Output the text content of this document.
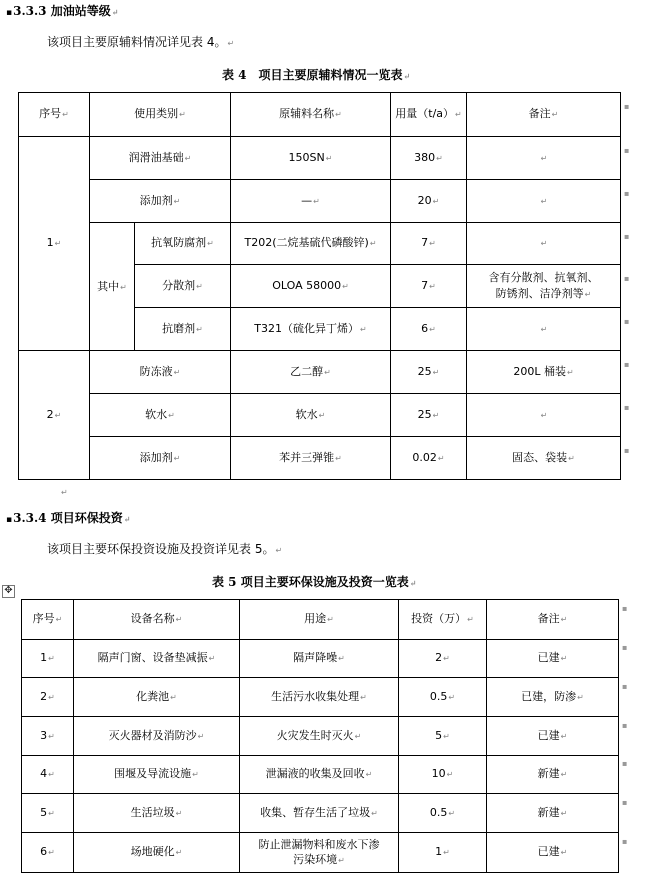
▪3.3.3 加油站等级↵
该项目主要原辅料情况详见表 4。↵
表 4　项目主要原辅料情况一览表↵
序号↵	使用类别↵		原辅料名称↵	用量（t/a）↵	备注↵
1↵	润滑油基础↵		150SN↵	380↵	↵
	添加剂↵		—↵	20↵	↵
	其中↵	抗氧防腐剂↵	T202(二烷基硫代磷酸锌)↵	7↵	↵
		分散剂↵	OLOA 58000↵	7↵	含有分散剂、抗氧剂、
防锈剂、洁净剂等↵
		抗磨剂↵	T321（硫化异丁烯）↵	6↵	↵
2↵	防冻液↵		乙二醇↵	25↵	200L 桶装↵
	软水↵		软水↵	25↵	↵
	添加剂↵		苯并三弹锥↵	0.02↵	固态、袋装↵
▪
▪
▪
▪
▪
▪
▪
▪
▪
↵
▪3.3.4 项目环保投资↵
该项目主要环保投资设施及投资详见表 5。↵
✥
表 5 项目主要环保设施及投资一览表↵
序号↵	设备名称↵	用途↵	投资（万）↵	备注↵
1↵	隔声门窗、设备垫减振↵	隔声降噪↵	2↵	已建↵
2↵	化粪池↵	生活污水收集处理↵	0.5↵	已建，防渗↵
3↵	灭火器材及消防沙↵	火灾发生时灭火↵	5↵	已建↵
4↵	围堰及导流设施↵	泄漏液的收集及回收↵	10↵	新建↵
5↵	生活垃圾↵	收集、暂存生活了垃圾↵	0.5↵	新建↵
6↵	场地硬化↵	防止泄漏物料和废水下渗
污染环境↵	1↵	已建↵
▪
▪
▪
▪
▪
▪
▪
